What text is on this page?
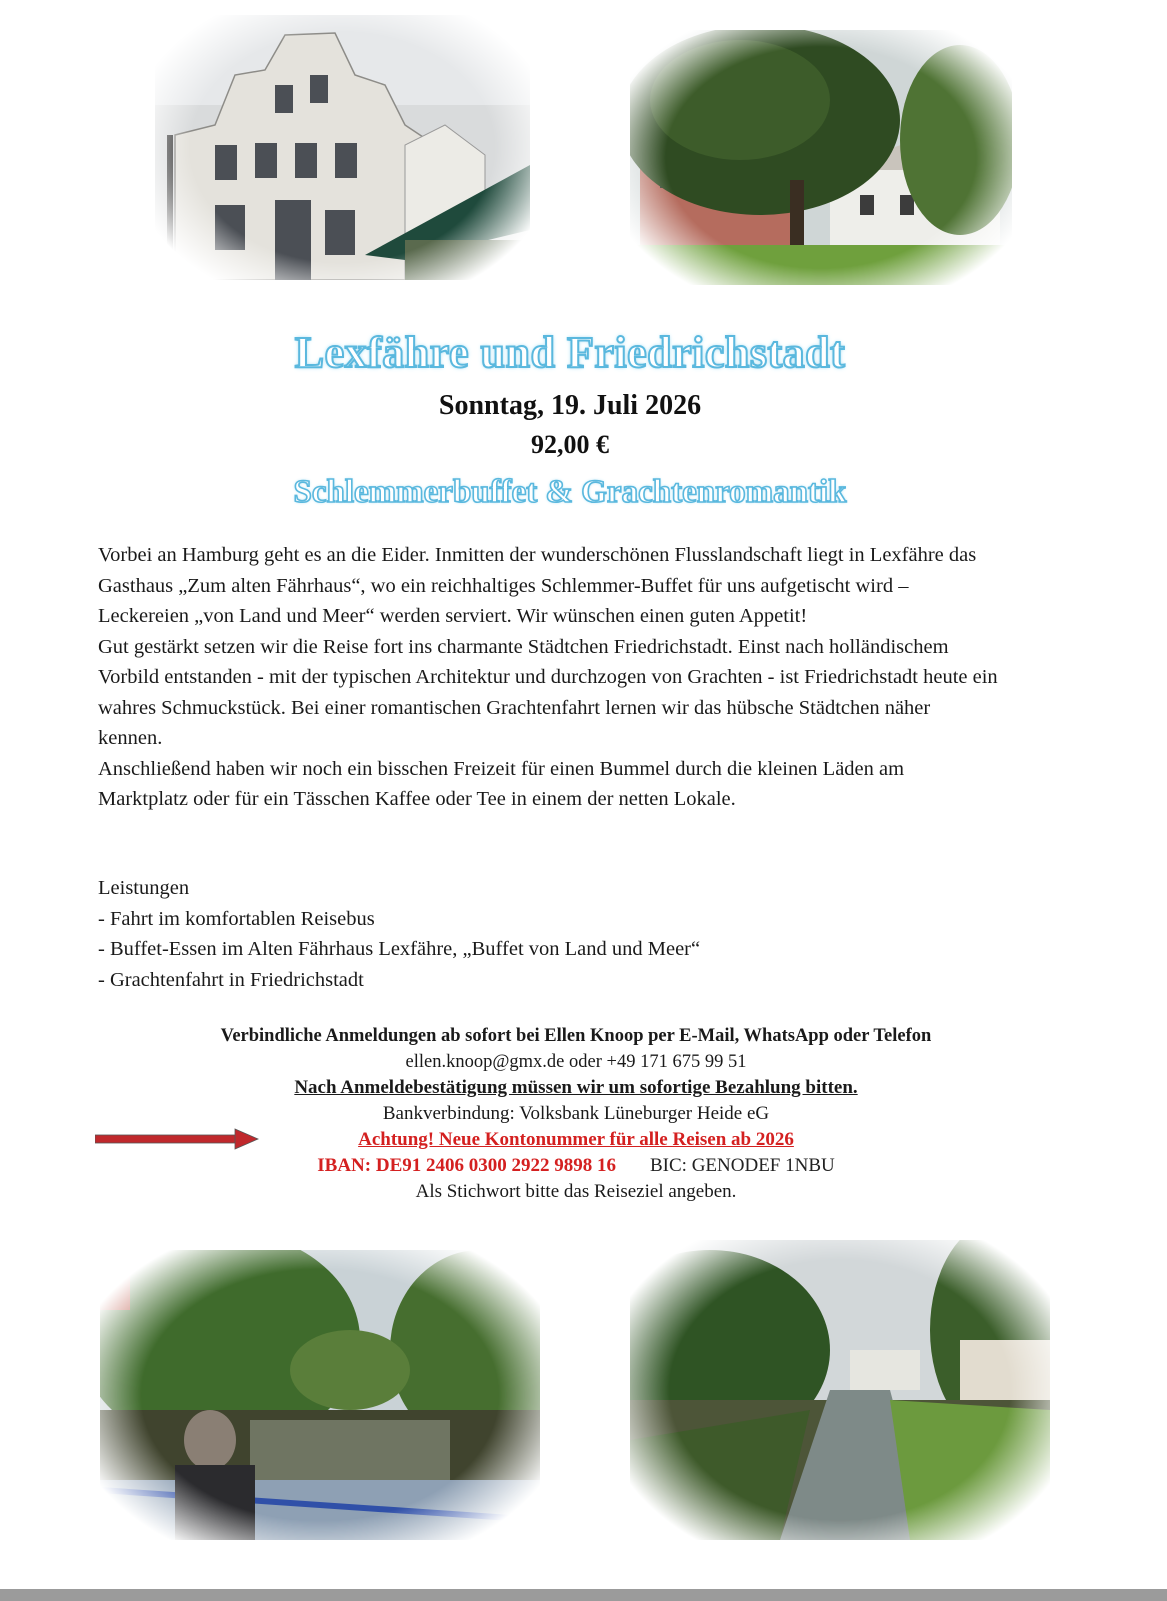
Lexfähre und Friedrichstadt
Sonntag, 19. Juli 2026
92,00 €
Schlemmerbuffet & Grachtenromantik

Vorbei an Hamburg geht es an die Eider. Inmitten der wunderschönen Flusslandschaft liegt in Lexfähre das Gasthaus „Zum alten Fährhaus“, wo ein reichhaltiges Schlemmer-Buffet für uns aufgetischt wird – Leckereien „von Land und Meer“ werden serviert. Wir wünschen einen guten Appetit!

Gut gestärkt setzen wir die Reise fort ins charmante Städtchen Friedrichstadt. Einst nach holländischem Vorbild entstanden - mit der typischen Architektur und durchzogen von Grachten - ist Friedrichstadt heute ein wahres Schmuckstück. Bei einer romantischen Grachtenfahrt lernen wir das hübsche Städtchen näher kennen.

Anschließend haben wir noch ein bisschen Freizeit für einen Bummel durch die kleinen Läden am Marktplatz oder für ein Tässchen Kaffee oder Tee in einem der netten Lokale.

Leistungen
- Fahrt im komfortablen Reisebus
- Buffet-Essen im Alten Fährhaus Lexfähre, „Buffet von Land und Meer“
- Grachtenfahrt in Friedrichstadt
Verbindliche Anmeldungen ab sofort bei Ellen Knoop per E-Mail, WhatsApp oder Telefon
ellen.knoop@gmx.de oder +49 171 675 99 51
Nach Anmeldebestätigung müssen wir um sofortige Bezahlung bitten.
Bankverbindung: Volksbank Lüneburger Heide eG
Achtung! Neue Kontonummer für alle Reisen ab 2026
IBAN: DE91 2406 0300 2922 9898 16 BIC: GENODEF 1NBU
Als Stichwort bitte das Reiseziel angeben.
